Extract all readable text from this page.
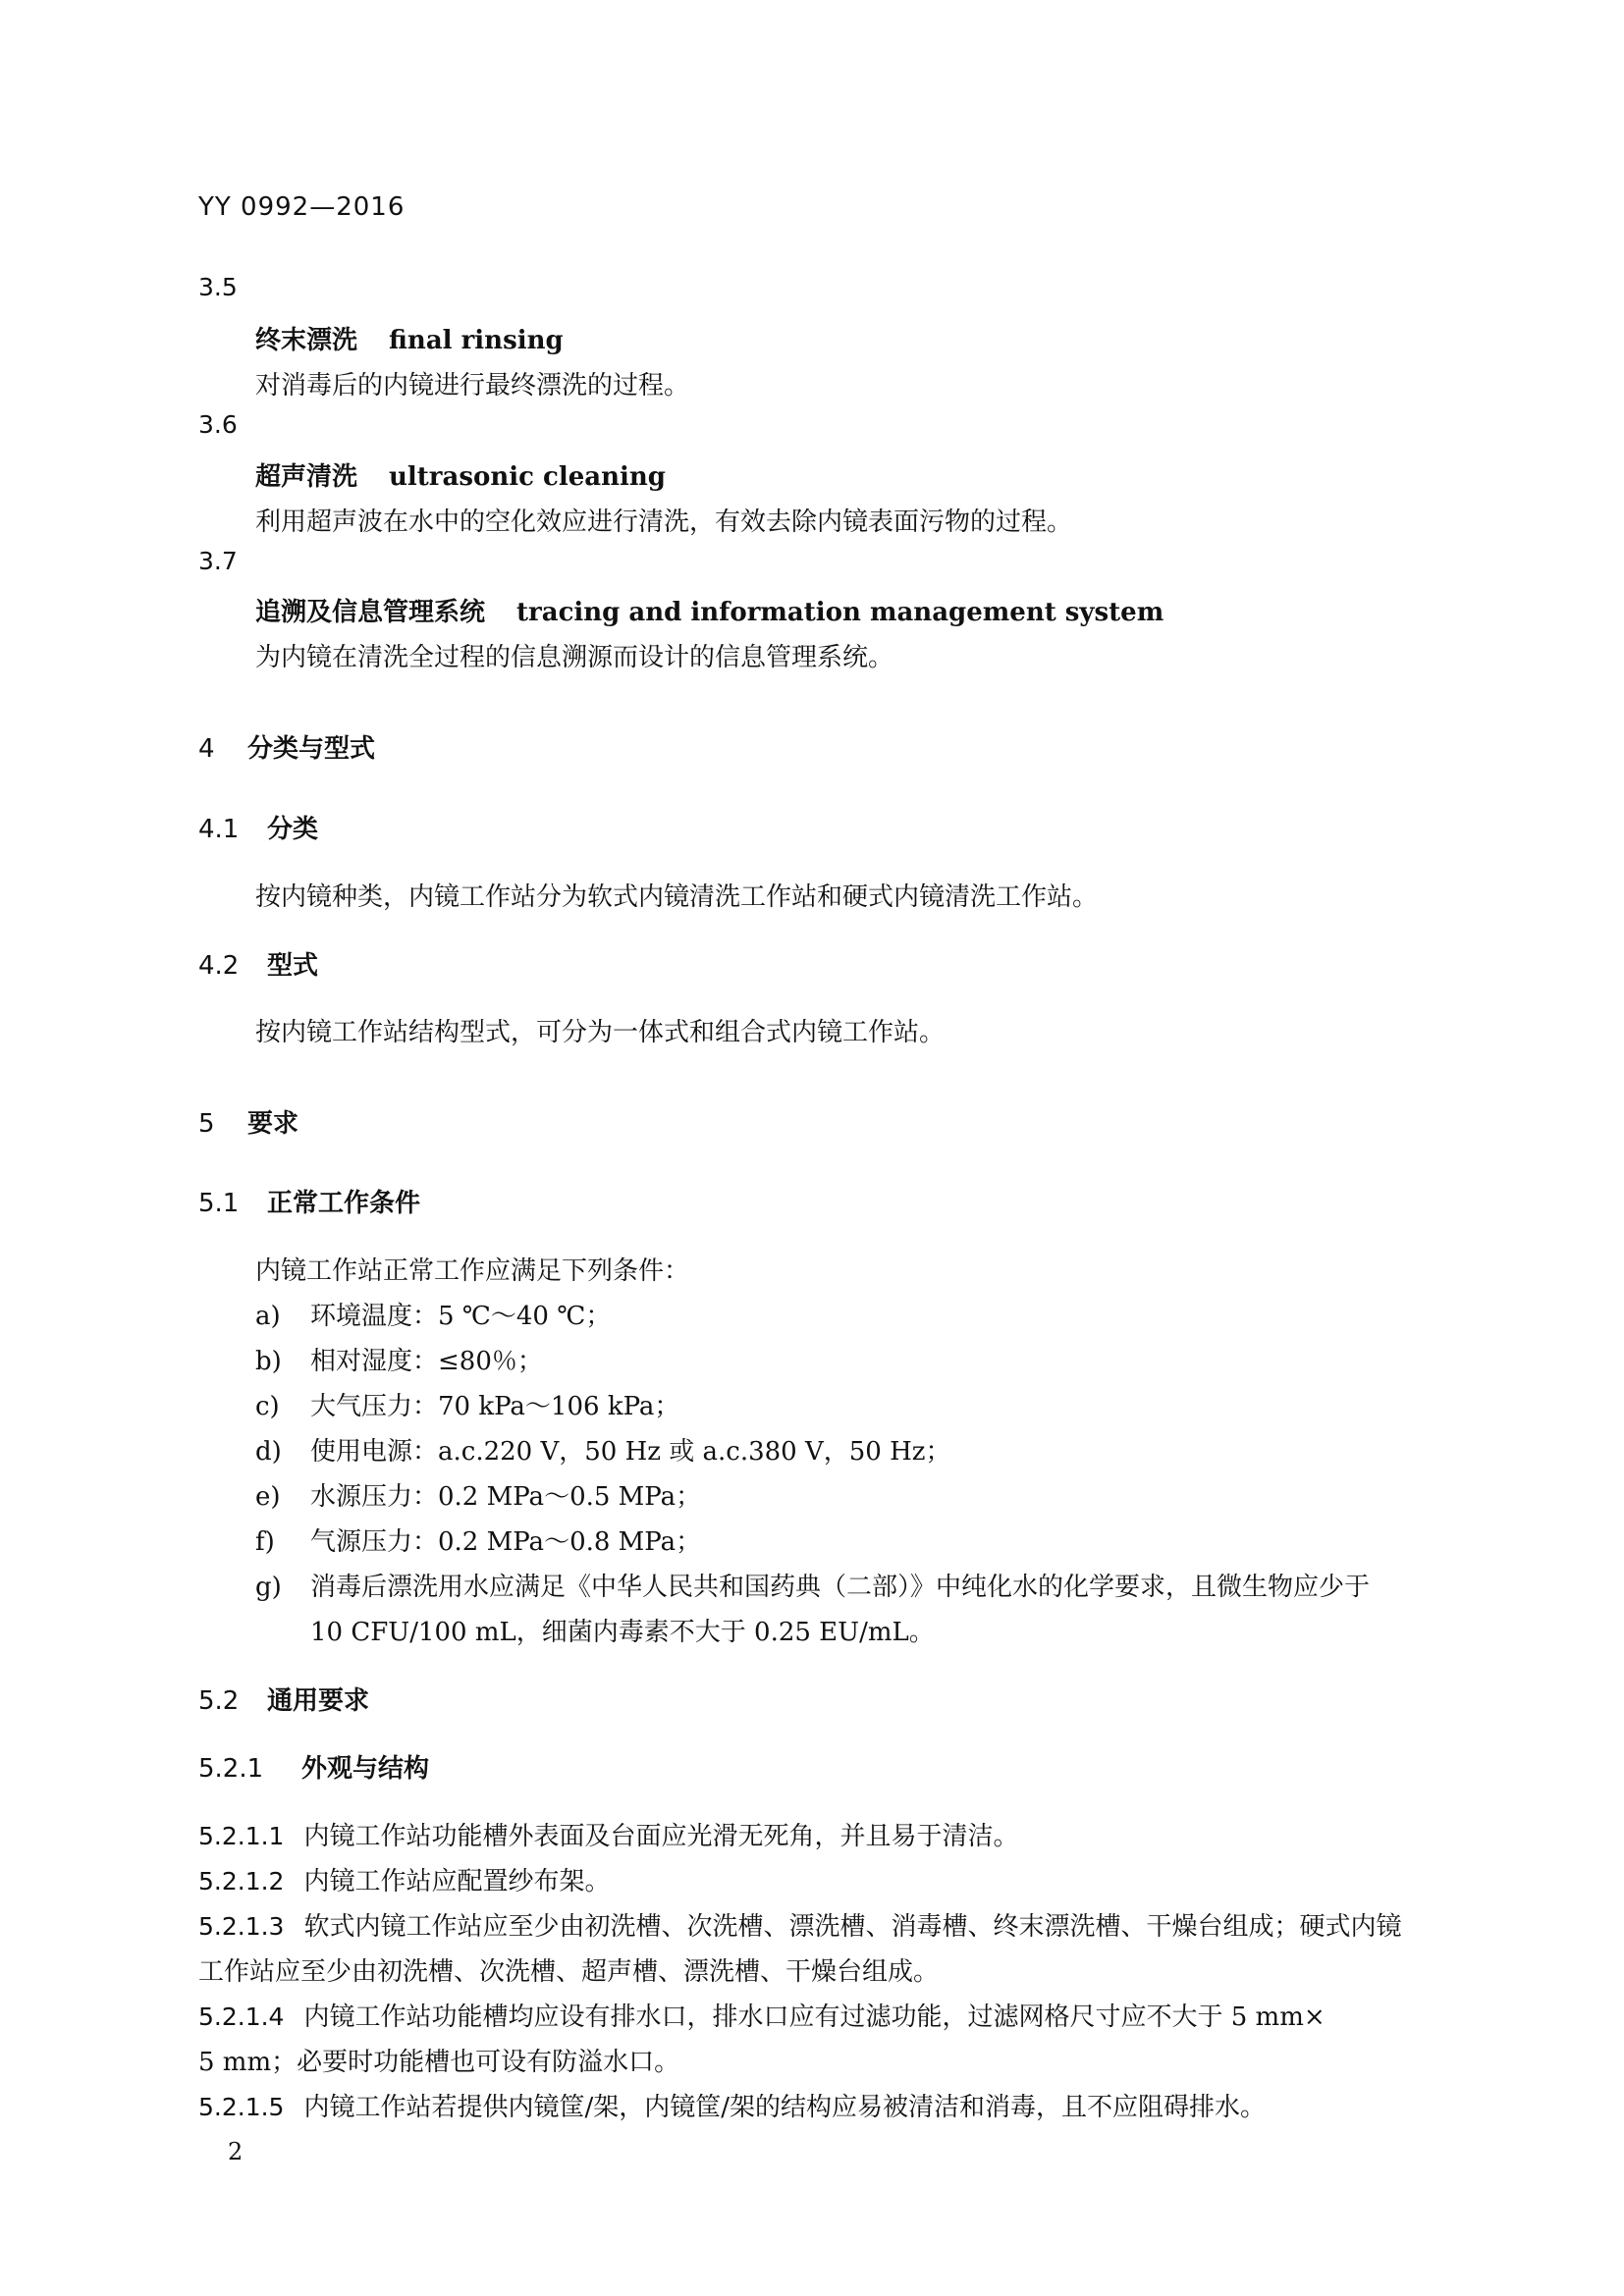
YY 0992—2016
3.5
终末漂洗 final rinsing
对消毒后的内镜进行最终漂洗的过程。
3.6
超声清洗 ultrasonic cleaning
利用超声波在水中的空化效应进行清洗，有效去除内镜表面污物的过程。
3.7
追溯及信息管理系统 tracing and information management system
为内镜在清洗全过程的信息溯源而设计的信息管理系统。
4 分类与型式
4.1 分类
按内镜种类，内镜工作站分为软式内镜清洗工作站和硬式内镜清洗工作站。
4.2 型式
按内镜工作站结构型式，可分为一体式和组合式内镜工作站。
5 要求
5.1 正常工作条件
内镜工作站正常工作应满足下列条件：
a) 环境温度：5 ℃～40 ℃；
b) 相对湿度：≤80％；
c) 大气压力：70 kPa～106 kPa；
d) 使用电源：a.c.220 V，50 Hz 或 a.c.380 V，50 Hz；
e) 水源压力：0.2 MPa～0.5 MPa；
f) 气源压力：0.2 MPa～0.8 MPa；
g) 消毒后漂洗用水应满足《中华人民共和国药典（二部）》中纯化水的化学要求，且微生物应少于
10 CFU/100 mL，细菌内毒素不大于 0.25 EU/mL。
5.2 通用要求
5.2.1 外观与结构
5.2.1.1 内镜工作站功能槽外表面及台面应光滑无死角，并且易于清洁。
5.2.1.2 内镜工作站应配置纱布架。
5.2.1.3 软式内镜工作站应至少由初洗槽、次洗槽、漂洗槽、消毒槽、终末漂洗槽、干燥台组成；硬式内镜
工作站应至少由初洗槽、次洗槽、超声槽、漂洗槽、干燥台组成。
5.2.1.4 内镜工作站功能槽均应设有排水口，排水口应有过滤功能，过滤网格尺寸应不大于 5 mm×
5 mm；必要时功能槽也可设有防溢水口。
5.2.1.5 内镜工作站若提供内镜筐/架，内镜筐/架的结构应易被清洁和消毒，且不应阻碍排水。
2
